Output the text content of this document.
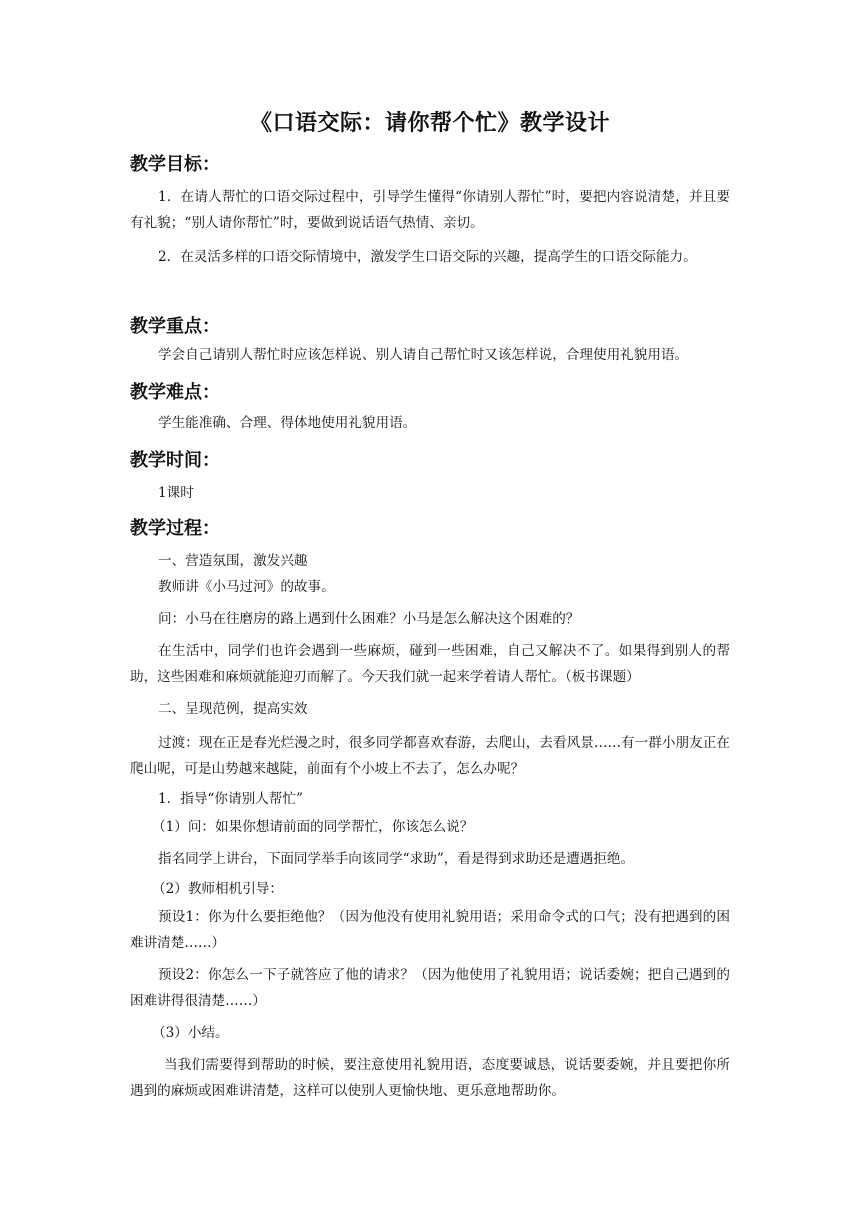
《口语交际：请你帮个忙》教学设计
教学目标：
1．在请人帮忙的口语交际过程中，引导学生懂得“你请别人帮忙”时，要把内容说清楚，并且要有礼貌；“别人请你帮忙”时，要做到说话语气热情、亲切。
2．在灵活多样的口语交际情境中，激发学生口语交际的兴趣，提高学生的口语交际能力。
教学重点：
学会自己请别人帮忙时应该怎样说、别人请自己帮忙时又该怎样说，合理使用礼貌用语。
教学难点：
学生能准确、合理、得体地使用礼貌用语。
教学时间：
1课时
教学过程：
一、营造氛围，激发兴趣
教师讲《小马过河》的故事。
问：小马在往磨房的路上遇到什么困难？小马是怎么解决这个困难的？
在生活中，同学们也许会遇到一些麻烦，碰到一些困难，自己又解决不了。如果得到别人的帮助，这些困难和麻烦就能迎刃而解了。今天我们就一起来学着请人帮忙。（板书课题）
二、呈现范例，提高实效
过渡：现在正是春光烂漫之时，很多同学都喜欢春游，去爬山，去看风景……有一群小朋友正在爬山呢，可是山势越来越陡，前面有个小坡上不去了，怎么办呢？
1．指导“你请别人帮忙”
（1）问：如果你想请前面的同学帮忙，你该怎么说？
指名同学上讲台，下面同学举手向该同学“求助”，看是得到求助还是遭遇拒绝。
（2）教师相机引导：
预设1：你为什么要拒绝他？（因为他没有使用礼貌用语；采用命令式的口气；没有把遇到的困难讲清楚……）
预设2：你怎么一下子就答应了他的请求？（因为他使用了礼貌用语；说话委婉；把自己遇到的困难讲得很清楚……）
（3）小结。
当我们需要得到帮助的时候，要注意使用礼貌用语，态度要诚恳，说话要委婉，并且要把你所遇到的麻烦或困难讲清楚，这样可以使别人更愉快地、更乐意地帮助你。
